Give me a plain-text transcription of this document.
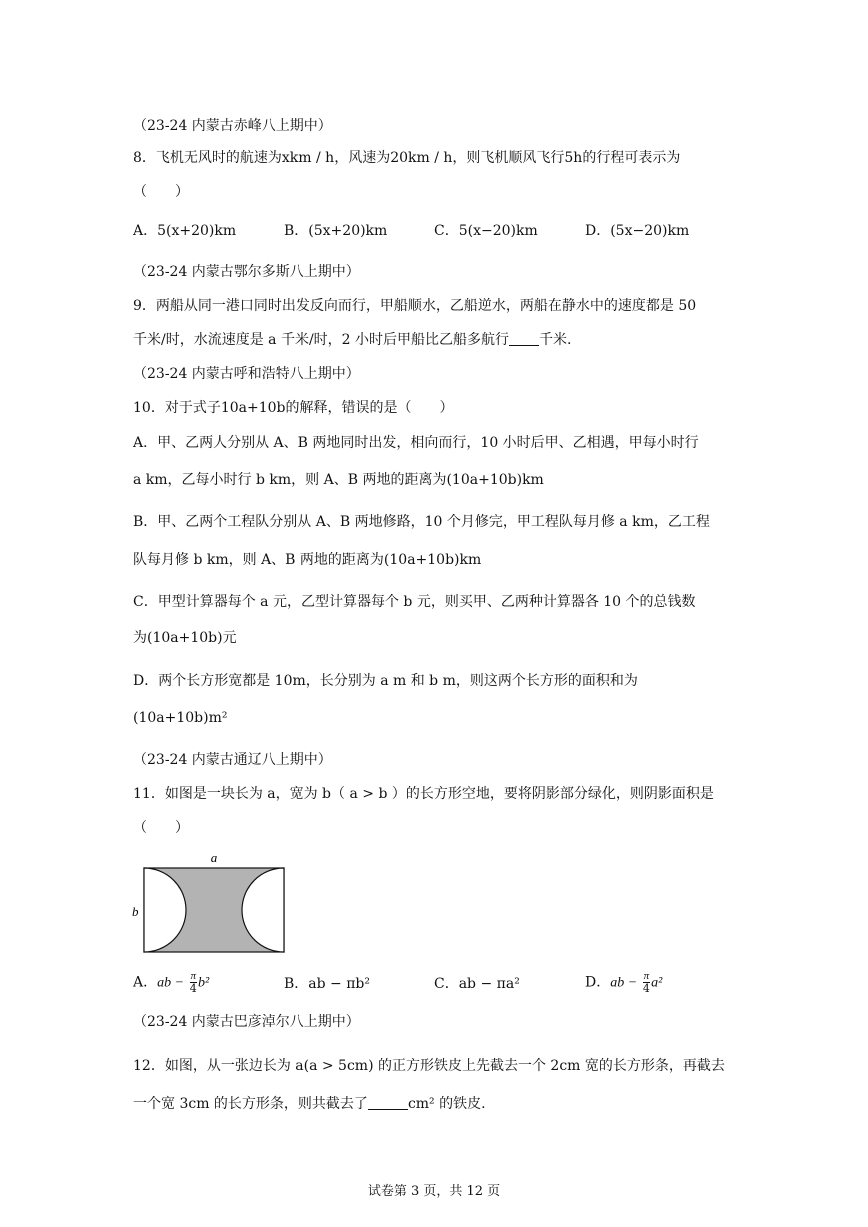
（23-24 内蒙古赤峰八上期中）
8．飞机无风时的航速为xkm / h，风速为20km / h，则飞机顺风飞行5h的行程可表示为
（　　）
A．5(x+20)km	B．(5x+20)km	C．5(x−20)km	D．(5x−20)km
（23-24 内蒙古鄂尔多斯八上期中）
9．两船从同一港口同时出发反向而行，甲船顺水，乙船逆水，两船在静水中的速度都是 50
千米/时，水流速度是 a 千米/时，2 小时后甲船比乙船多航行 千米.
（23-24 内蒙古呼和浩特八上期中）
10．对于式子10a+10b的解释，错误的是（　　）
A．甲、乙两人分别从 A、B 两地同时出发，相向而行，10 小时后甲、乙相遇，甲每小时行
a km，乙每小时行 b km，则 A、B 两地的距离为(10a+10b)km
B．甲、乙两个工程队分别从 A、B 两地修路，10 个月修完，甲工程队每月修 a km，乙工程
队每月修 b km，则 A、B 两地的距离为(10a+10b)km
C．甲型计算器每个 a 元，乙型计算器每个 b 元，则买甲、乙两种计算器各 10 个的总钱数
为(10a+10b)元
D．两个长方形宽都是 10m，长分别为 a m 和 b m，则这两个长方形的面积和为
(10a+10b)m²
（23-24 内蒙古通辽八上期中）
11．如图是一块长为 a，宽为 b（ a > b ）的长方形空地，要将阴影部分绿化，则阴影面积是
（　　）
a
b
A．ab − $\frac{\pi}{4} b^2$	B．ab − πb²	C．ab − πa²	D．ab − $\frac{\pi}{4} a^2$
（23-24 内蒙古巴彦淖尔八上期中）
12．如图，从一张边长为 a(a > 5cm) 的正方形铁皮上先截去一个 2cm 宽的长方形条，再截去
一个宽 3cm 的长方形条，则共截去了	cm² 的铁皮.
试卷第 3 页，共 12 页
